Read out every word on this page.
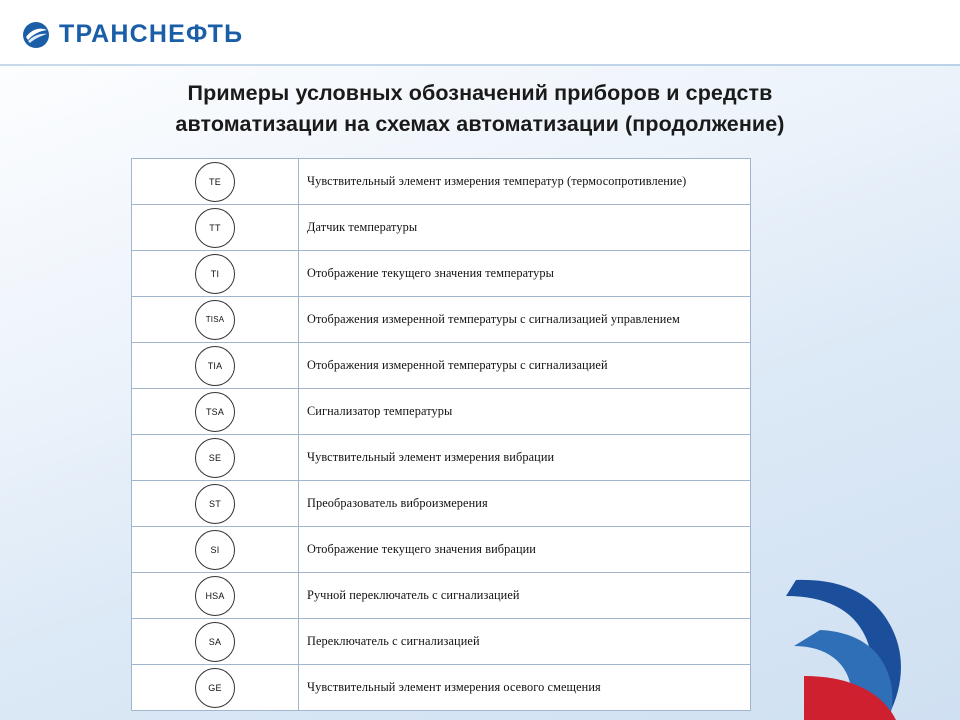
ТРАНСНЕФТЬ
Примеры условных обозначений приборов и средств
автоматизации на схемах автоматизации (продолжение)
TE	Чувствительный элемент измерения температур (термосопротивление)
TT	Датчик температуры
TI	Отображение текущего значения температуры
TISA	Отображения измеренной температуры с сигнализацией управлением
TIA	Отображения измеренной температуры с сигнализацией
TSA	Сигнализатор температуры
SE	Чувствительный элемент измерения вибрации
ST	Преобразователь виброизмерения
SI	Отображение текущего значения вибрации
HSA	Ручной переключатель с сигнализацией
SA	Переключатель с сигнализацией
GE	Чувствительный элемент измерения осевого смещения
